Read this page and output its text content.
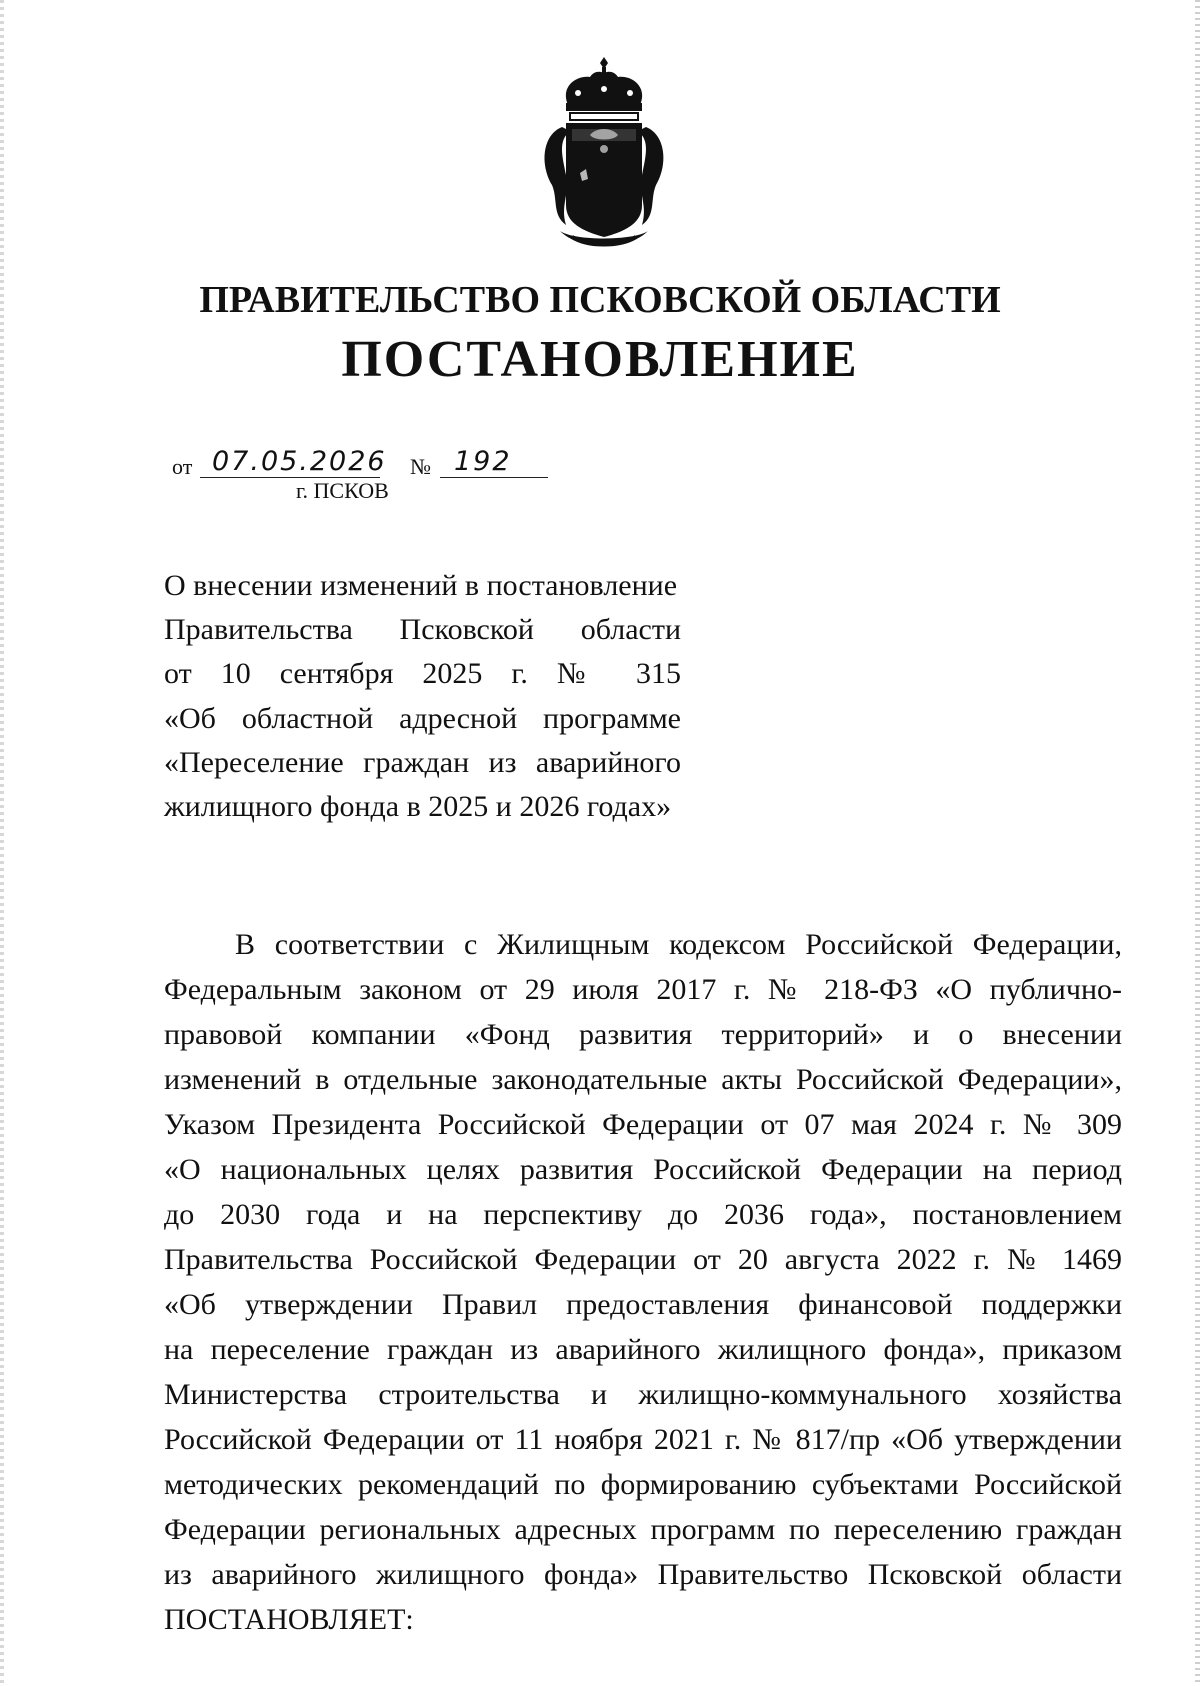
ПРАВИТЕЛЬСТВО ПСКОВСКОЙ ОБЛАСТИ
ПОСТАНОВЛЕНИЕ
от 07.05.2026 № 192
г. ПСКОВ
О внесении изменений в постановление
Правительства Псковской области
от 10 сентября 2025 г. № 315
«Об областной адресной программе
«Переселение граждан из аварийного
жилищного фонда в 2025 и 2026 годах»
В соответствии с Жилищным кодексом Российской Федерации,
Федеральным законом от 29 июля 2017 г. № 218-ФЗ «О публично-
правовой компании «Фонд развития территорий» и о внесении
изменений в отдельные законодательные акты Российской Федерации»,
Указом Президента Российской Федерации от 07 мая 2024 г. № 309
«О национальных целях развития Российской Федерации на период
до 2030 года и на перспективу до 2036 года», постановлением
Правительства Российской Федерации от 20 августа 2022 г. № 1469
«Об утверждении Правил предоставления финансовой поддержки
на переселение граждан из аварийного жилищного фонда», приказом
Министерства строительства и жилищно-коммунального хозяйства
Российской Федерации от 11 ноября 2021 г. № 817/пр «Об утверждении
методических рекомендаций по формированию субъектами Российской
Федерации региональных адресных программ по переселению граждан
из аварийного жилищного фонда» Правительство Псковской области
ПОСТАНОВЛЯЕТ:
